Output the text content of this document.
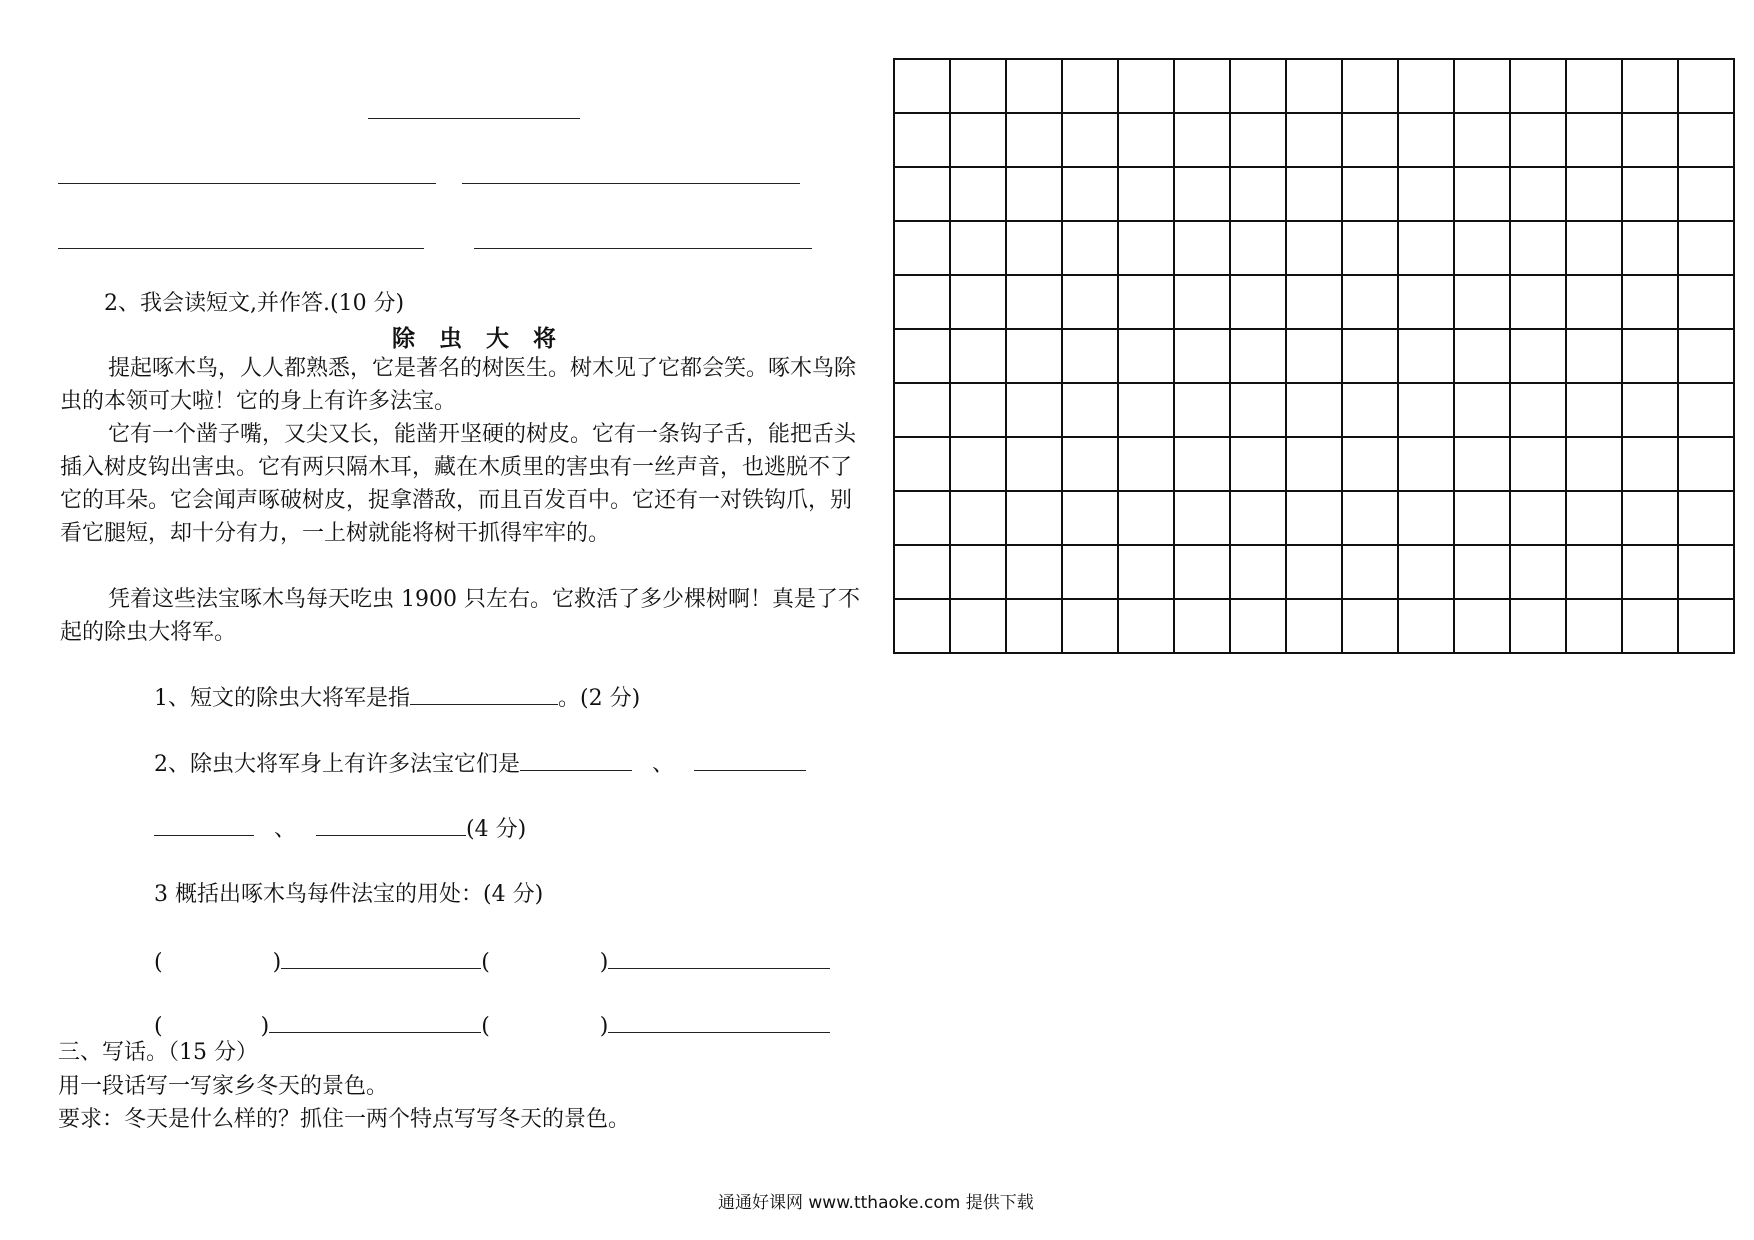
2、我会读短文,并作答.(10 分)
除 虫 大 将
提起啄木鸟，人人都熟悉，它是著名的树医生。树木见了它都会笑。啄木鸟除虫的本领可大啦！它的身上有许多法宝。
它有一个凿子嘴，又尖又长，能凿开坚硬的树皮。它有一条钩子舌，能把舌头插入树皮钩出害虫。它有两只隔木耳，藏在木质里的害虫有一丝声音，也逃脱不了它的耳朵。它会闻声啄破树皮，捉拿潜敌，而且百发百中。它还有一对铁钩爪，别看它腿短，却十分有力，一上树就能将树干抓得牢牢的。
凭着这些法宝啄木鸟每天吃虫 1900 只左右。它救活了多少棵树啊！真是了不起的除虫大将军。
1、短文的除虫大将军是指	。(2 分)
2、除虫大将军身上有许多法宝它们是	、
、	(4 分)
3 概括出啄木鸟每件法宝的用处：(4 分)
(	)	(	)
(	)	(	)
三、写话。（15 分）
用一段话写一写家乡冬天的景色。
要求：冬天是什么样的？抓住一两个特点写写冬天的景色。

通通好课网 www.tthaoke.com 提供下载
